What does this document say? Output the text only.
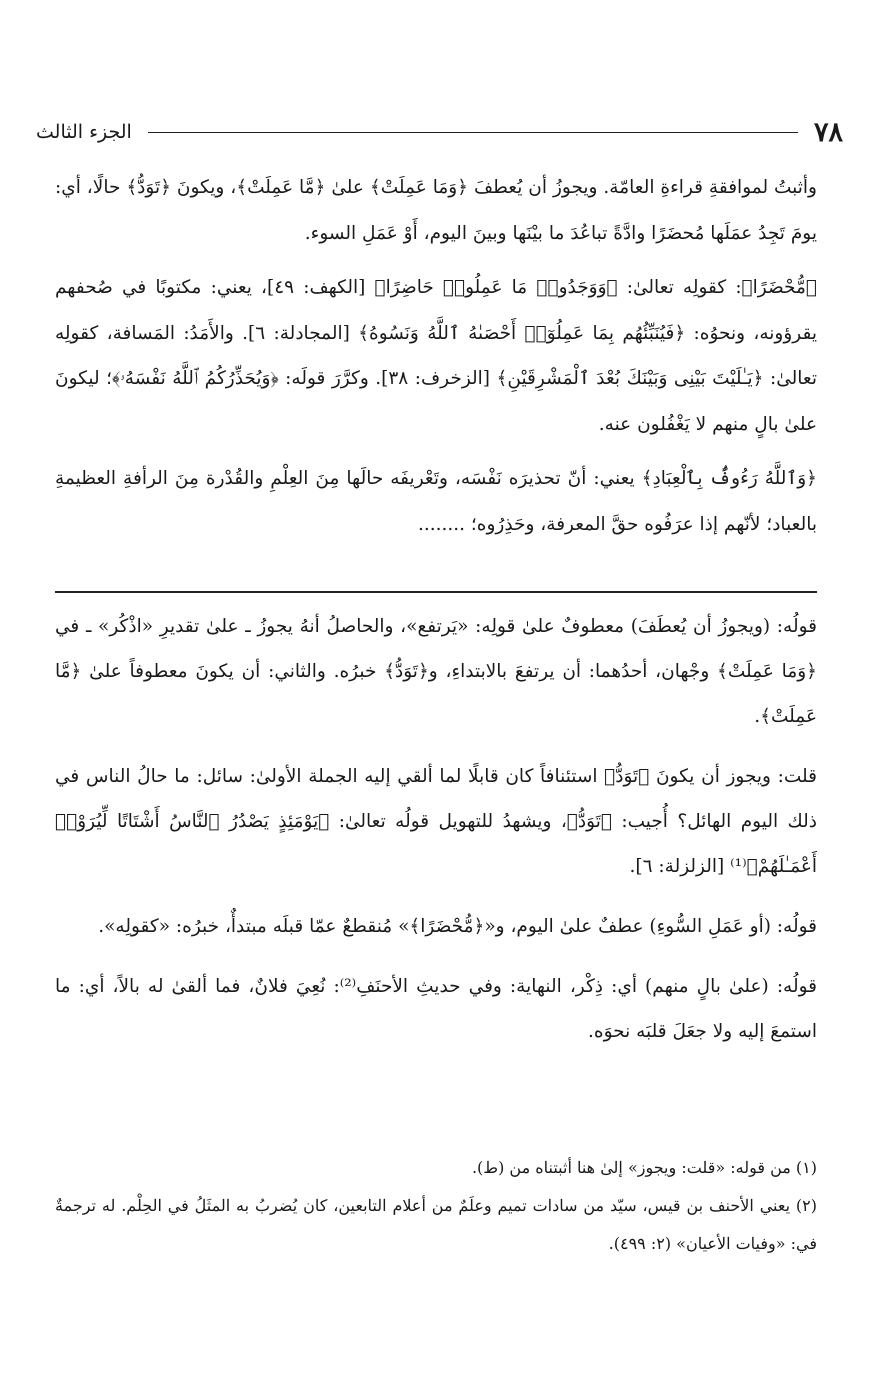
٧٨
الجزء الثالث

وأثبتُ لموافقةِ قراءةِ العامّة. ويجوزُ أن يُعطفَ ﴿وَمَا عَمِلَتْ﴾ علىٰ ﴿مَّا عَمِلَتْ﴾، ويكونَ ﴿تَوَدُّ﴾ حالًا، أي: يومَ تَجِدُ عمَلَها مُحضَرًا وادَّةً تباعُدَ ما بيْنَها وبينَ اليوم، أَوْ عَمَلِ السوء.

﴿مُّحْضَرًا﴾: كقولِه تعالىٰ: ﴿وَوَجَدُوا۟ مَا عَمِلُوا۟ حَاضِرًا﴾ [الكهف: ٤٩]، يعني: مكتوبًا في صُحفهم يقرؤونه، ونحوُه: ﴿فَيُنَبِّئُهُم بِمَا عَمِلُوٓا۟ أَحْصَىٰهُ ٱللَّهُ وَنَسُوهُ﴾ [المجادلة: ٦]. والأَمَدُ: المَسافة، كقولِه تعالىٰ: ﴿يَـٰلَيْتَ بَيْنِى وَبَيْنَكَ بُعْدَ ٱلْمَشْرِقَيْنِ﴾ [الزخرف: ٣٨]. وكرَّرَ قولَه: ﴿وَيُحَذِّرُكُمُ ٱللَّهُ نَفْسَهُۥ﴾؛ ليكونَ علىٰ بالٍ منهم لا يَغْفُلون عنه.

﴿وَٱللَّهُ رَءُوفٌۢ بِٱلْعِبَادِ﴾ يعني: أنّ تحذيرَه نَفْسَه، وتَعْريفَه حالَها مِنَ العِلْمِ والقُدْرة مِنَ الرأفةِ العظيمةِ بالعباد؛ لأنّهم إذا عرَفُوه حقَّ المعرفة، وحَذِرُوه؛ ........

قولُه: (ويجوزُ أن يُعطَفَ) معطوفٌ علىٰ قولِه: «يَرتفع»، والحاصلُ أنهُ يجوزُ ـ علىٰ تقديرِ «اذْكُر» ـ في ﴿وَمَا عَمِلَتْ﴾ وجْهان، أحدُهما: أن يرتفعَ بالابتداءِ، و﴿تَوَدُّ﴾ خبرُه. والثاني: أن يكونَ معطوفاً علىٰ ﴿مَّا عَمِلَتْ﴾.

قلت: ويجوز أن يكونَ ﴿تَوَدُّ﴾ استئنافاً كان قابلًا لما ألقي إليه الجملة الأولىٰ: سائل: ما حالُ الناس في ذلك اليوم الهائل؟ أُجيب: ﴿تَوَدُّ﴾، ويشهدُ للتهويل قولُه تعالىٰ: ﴿يَوْمَئِذٍ يَصْدُرُ ٱلنَّاسُ أَشْتَاتًا لِّيُرَوْا۟ أَعْمَـٰلَهُمْ﴾⁽¹⁾ [الزلزلة: ٦].

قولُه: (أو عَمَلِ السُّوءِ) عطفٌ علىٰ اليوم، و«﴿مُّحْضَرًا﴾» مُنقطعٌ عمّا قبلَه مبتدأٌ، خبرُه: «كقولِه».

قولُه: (علىٰ بالٍ منهم) أي: ذِكْر، النهاية: وفي حديثِ الأحنَفِ⁽²⁾: نُعِيَ فلانٌ، فما ألقىٰ له بالاً، أي: ما استمعَ إليه ولا جعَلَ قلبَه نحوَه.

(١) من قوله: «قلت: ويجوز» إلىٰ هنا أثبتناه من (ط).

(٢) يعني الأحنف بن قيس، سيّد من سادات تميم وعلَمٌ من أعلام التابعين، كان يُضربُ به المثَلُ في الحِلْم. له ترجمةٌ في: «وفيات الأعيان» (٢: ٤٩٩).
